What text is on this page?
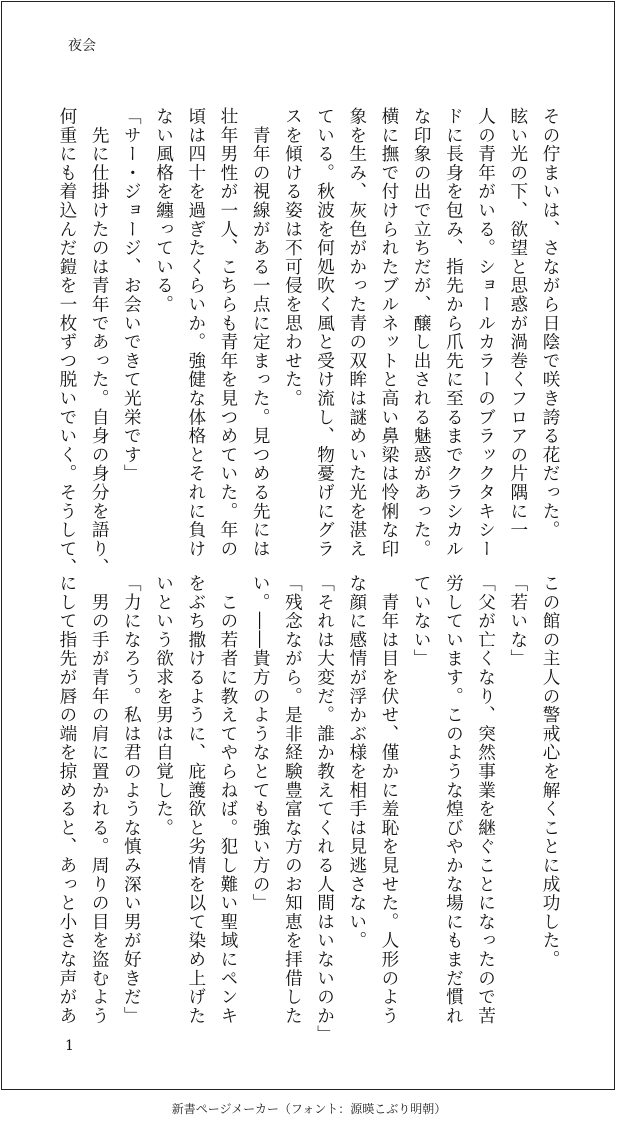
夜会
その佇まいは、さながら日陰で咲き誇る花だった。
眩い光の下、欲望と思惑が渦巻くフロアの片隅に一
人の青年がいる。ショールカラーのブラックタキシー
ドに長身を包み、指先から爪先に至るまでクラシカル
な印象の出で立ちだが、醸し出される魅惑があった。
横に撫で付けられたブルネットと高い鼻梁は怜悧な印
象を生み、灰色がかった青の双眸は謎めいた光を湛え
ている。秋波を何処吹く風と受け流し、物憂げにグラ
スを傾ける姿は不可侵を思わせた。
　青年の視線がある一点に定まった。見つめる先には
壮年男性が一人、こちらも青年を見つめていた。年の
頃は四十を過ぎたくらいか。強健な体格とそれに負け
ない風格を纏っている。
「サー・ジョージ、お会いできて光栄です」
　先に仕掛けたのは青年であった。自身の身分を語り、
何重にも着込んだ鎧を一枚ずつ脱いでいく。そうして、
この館の主人の警戒心を解くことに成功した。
「若いな」
「父が亡くなり、突然事業を継ぐことになったので苦
労しています。このような煌びやかな場にもまだ慣れ
ていない」
　青年は目を伏せ、僅かに羞恥を見せた。人形のよう
な顔に感情が浮かぶ様を相手は見逃さない。
「それは大変だ。誰か教えてくれる人間はいないのか」
「残念ながら。是非経験豊富な方のお知恵を拝借した
い。――貴方のようなとても強い方の」
　この若者に教えてやらねば。犯し難い聖域にペンキ
をぶち撒けるように、庇護欲と劣情を以て染め上げた
いという欲求を男は自覚した。
「力になろう。私は君のような慎み深い男が好きだ」
　男の手が青年の肩に置かれる。周りの目を盗むよう
にして指先が唇の端を掠めると、あっと小さな声があ
1
新書ページメーカー（フォント：源暎こぶり明朝）
